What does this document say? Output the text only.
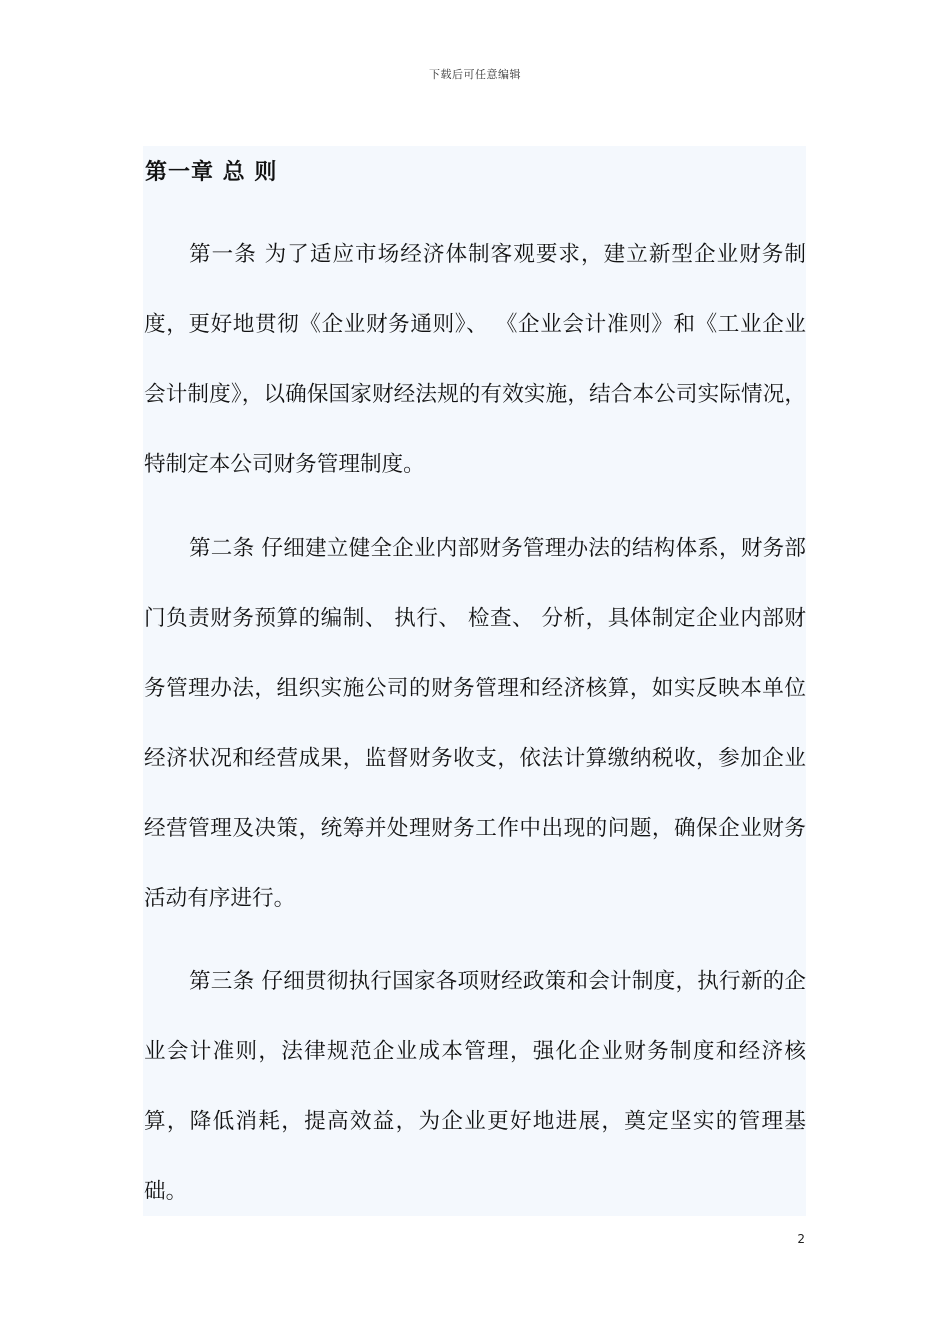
下载后可任意编辑
第一章 总 则

第一条 为了适应市场经济体制客观要求，建立新型企业财务制度，更好地贯彻《企业财务通则》、 《企业会计准则》和《工业企业会计制度》，以确保国家财经法规的有效实施，结合本公司实际情况，特制定本公司财务管理制度。

第二条 仔细建立健全企业内部财务管理办法的结构体系，财务部门负责财务预算的编制、 执行、 检查、 分析，具体制定企业内部财务管理办法，组织实施公司的财务管理和经济核算，如实反映本单位经济状况和经营成果，监督财务收支，依法计算缴纳税收，参加企业经营管理及决策，统筹并处理财务工作中出现的问题，确保企业财务活动有序进行。

第三条 仔细贯彻执行国家各项财经政策和会计制度，执行新的企业会计准则，法律规范企业成本管理，强化企业财务制度和经济核算，降低消耗，提高效益，为企业更好地进展，奠定坚实的管理基础。

2
